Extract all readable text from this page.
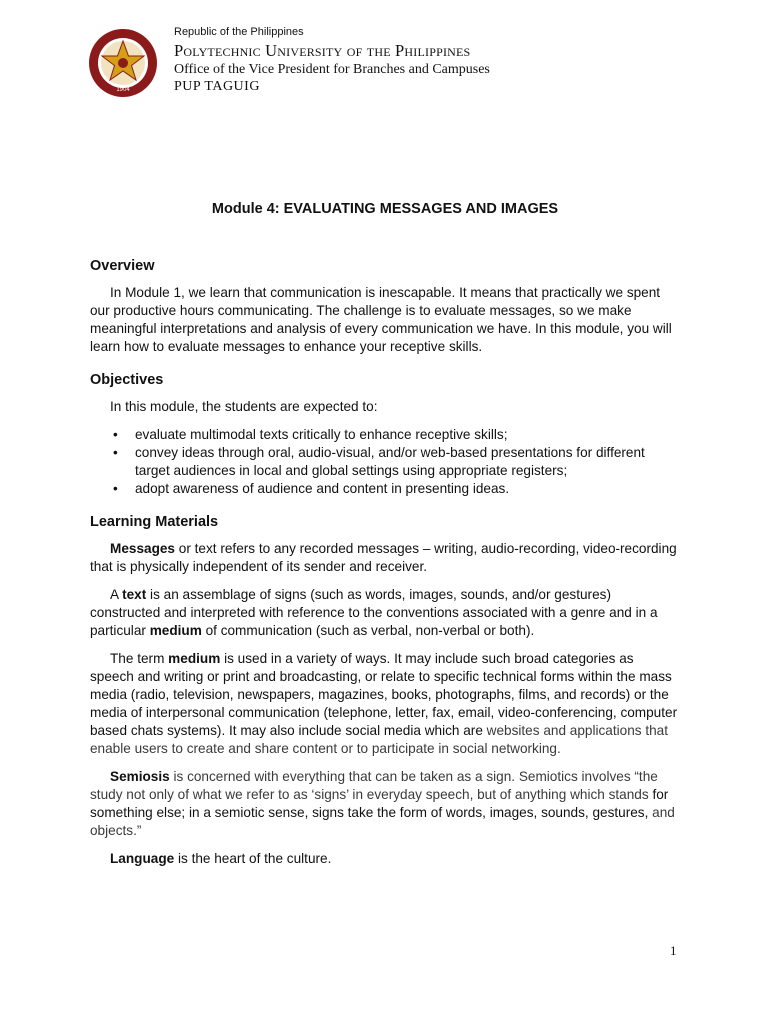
1904
Republic of the Philippines
Polytechnic University of the Philippines
Office of the Vice President for Branches and Campuses
PUP TAGUIG
Module 4: EVALUATING MESSAGES AND IMAGES
Overview

In Module 1, we learn that communication is inescapable. It means that practically we spent our productive hours communicating. The challenge is to evaluate messages, so we make meaningful interpretations and analysis of every communication we have. In this module, you will learn how to evaluate messages to enhance your receptive skills.

Objectives

In this module, the students are expected to:

• evaluate multimodal texts critically to enhance receptive skills;
• convey ideas through oral, audio-visual, and/or web-based presentations for different target audiences in local and global settings using appropriate registers;
• adopt awareness of audience and content in presenting ideas.
Learning Materials

Messages or text refers to any recorded messages – writing, audio-recording, video-recording that is physically independent of its sender and receiver.

A text is an assemblage of signs (such as words, images, sounds, and/or gestures) constructed and interpreted with reference to the conventions associated with a genre and in a particular medium of communication (such as verbal, non-verbal or both).

The term medium is used in a variety of ways. It may include such broad categories as speech and writing or print and broadcasting, or relate to specific technical forms within the mass media (radio, television, newspapers, magazines, books, photographs, films, and records) or the media of interpersonal communication (telephone, letter, fax, email, video-conferencing, computer based chats systems). It may also include social media which are websites and applications that enable users to create and share content or to participate in social networking.

Semiosis is concerned with everything that can be taken as a sign. Semiotics involves “the study not only of what we refer to as ‘signs’ in everyday speech, but of anything which stands for something else; in a semiotic sense, signs take the form of words, images, sounds, gestures, and objects.”

Language is the heart of the culture.

1
